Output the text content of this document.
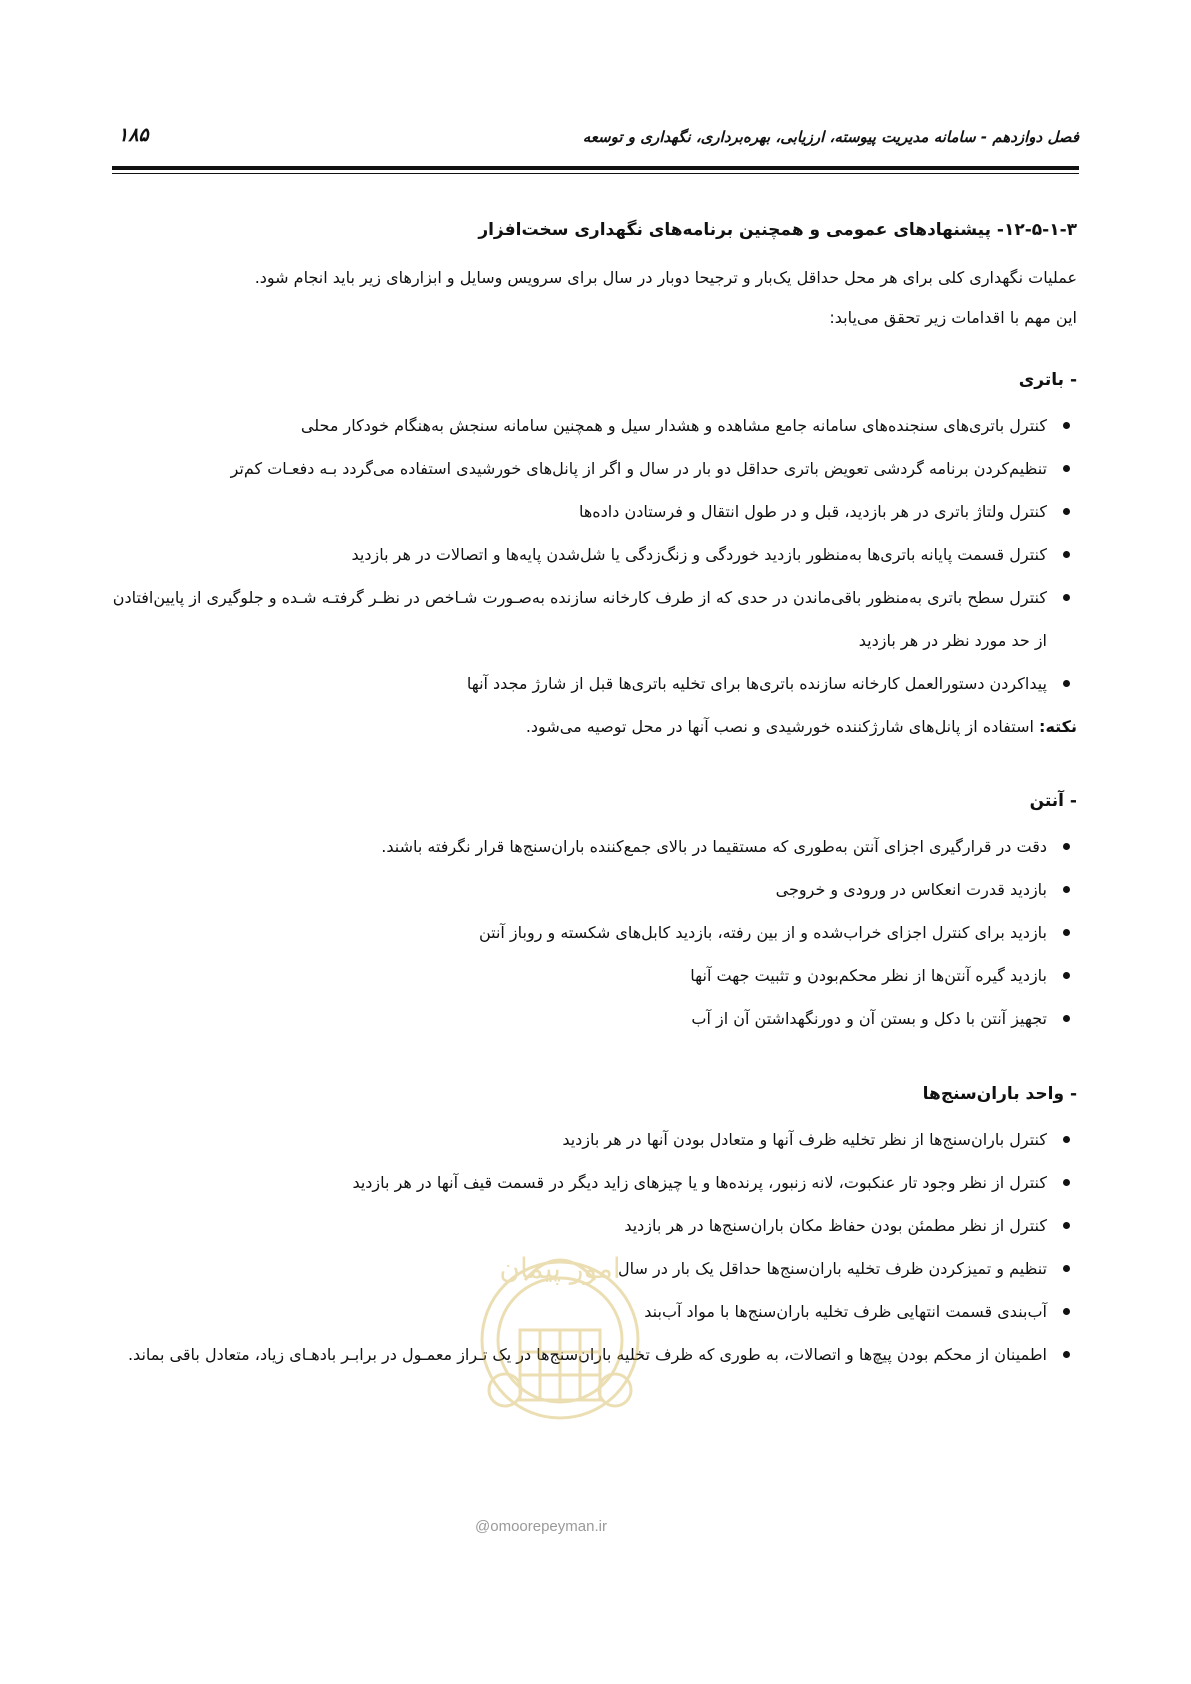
فصل دوازدهم - سامانه مدیریت پیوسته، ارزیابی، بهره‌برداری، نگهداری و توسعه
۱۸۵
۱۲-۵-۱-۳- پیشنهادهای عمومی و همچنین برنامه‌های نگهداری سخت‌افزار

عملیات نگهداری کلی برای هر محل حداقل یک‌بار و ترجیحا دوبار در سال برای سرویس وسایل و ابزارهای زیر باید انجام شود.

این مهم با اقدامات زیر تحقق می‌یابد:

- باتری
کنترل باتری‌های سنجنده‌های سامانه جامع مشاهده و هشدار سیل و همچنین سامانه سنجش به‌هنگام خودکار محلی
تنظیم‌کردن برنامه گردشی تعویض باتری حداقل دو بار در سال و اگر از پانل‌های خورشیدی استفاده می‌گردد بـه دفعـات کم‌تر
کنترل ولتاژ باتری در هر بازدید، قبل و در طول انتقال و فرستادن داده‌ها
کنترل قسمت پایانه باتری‌ها به‌منظور بازدید خوردگی و زنگ‌زدگی یا شل‌شدن پایه‌ها و اتصالات در هر بازدید
کنترل سطح باتری به‌منظور باقی‌ماندن در حدی که از طرف کارخانه سازنده به‌صـورت شـاخص در نظـر گرفتـه شـده و جلوگیری از پایین‌افتادن از حد مورد نظر در هر بازدید
پیداکردن دستورالعمل کارخانه سازنده باتری‌ها برای تخلیه باتری‌ها قبل از شارژ مجدد آنها
نکته: استفاده از پانل‌های شارژکننده خورشیدی و نصب آنها در محل توصیه می‌شود.
- آنتن
دقت در قرارگیری اجزای آنتن به‌طوری که مستقیما در بالای جمع‌کننده باران‌سنج‌ها قرار نگرفته باشند.
بازدید قدرت انعکاس در ورودی و خروجی
بازدید برای کنترل اجزای خراب‌شده و از بین رفته، بازدید کابل‌های شکسته و روباز آنتن
بازدید گیره آنتن‌ها از نظر محکم‌بودن و تثبیت جهت آنها
تجهیز آنتن با دکل و بستن آن و دورنگهداشتن آن از آب
- واحد باران‌سنج‌ها
کنترل باران‌سنج‌ها از نظر تخلیه ظرف آنها و متعادل بودن آنها در هر بازدید
کنترل از نظر وجود تار عنکبوت، لانه زنبور، پرنده‌ها و یا چیزهای زاید دیگر در قسمت قیف آنها در هر بازدید
کنترل از نظر مطمئن بودن حفاظ مکان باران‌سنج‌ها در هر بازدید
تنظیم و تمیزکردن ظرف تخلیه باران‌سنج‌ها حداقل یک بار در سال
آب‌بندی قسمت انتهایی ظرف تخلیه باران‌سنج‌ها با مواد آب‌بند
اطمینان از محکم بودن پیچ‌ها و اتصالات، به طوری که ظرف تخلیه باران‌سنج‌ها در یک تـراز معمـول در برابـر بادهـای زیاد، متعادل باقی بماند.
امور پیمان
@omoorepeyman.ir
